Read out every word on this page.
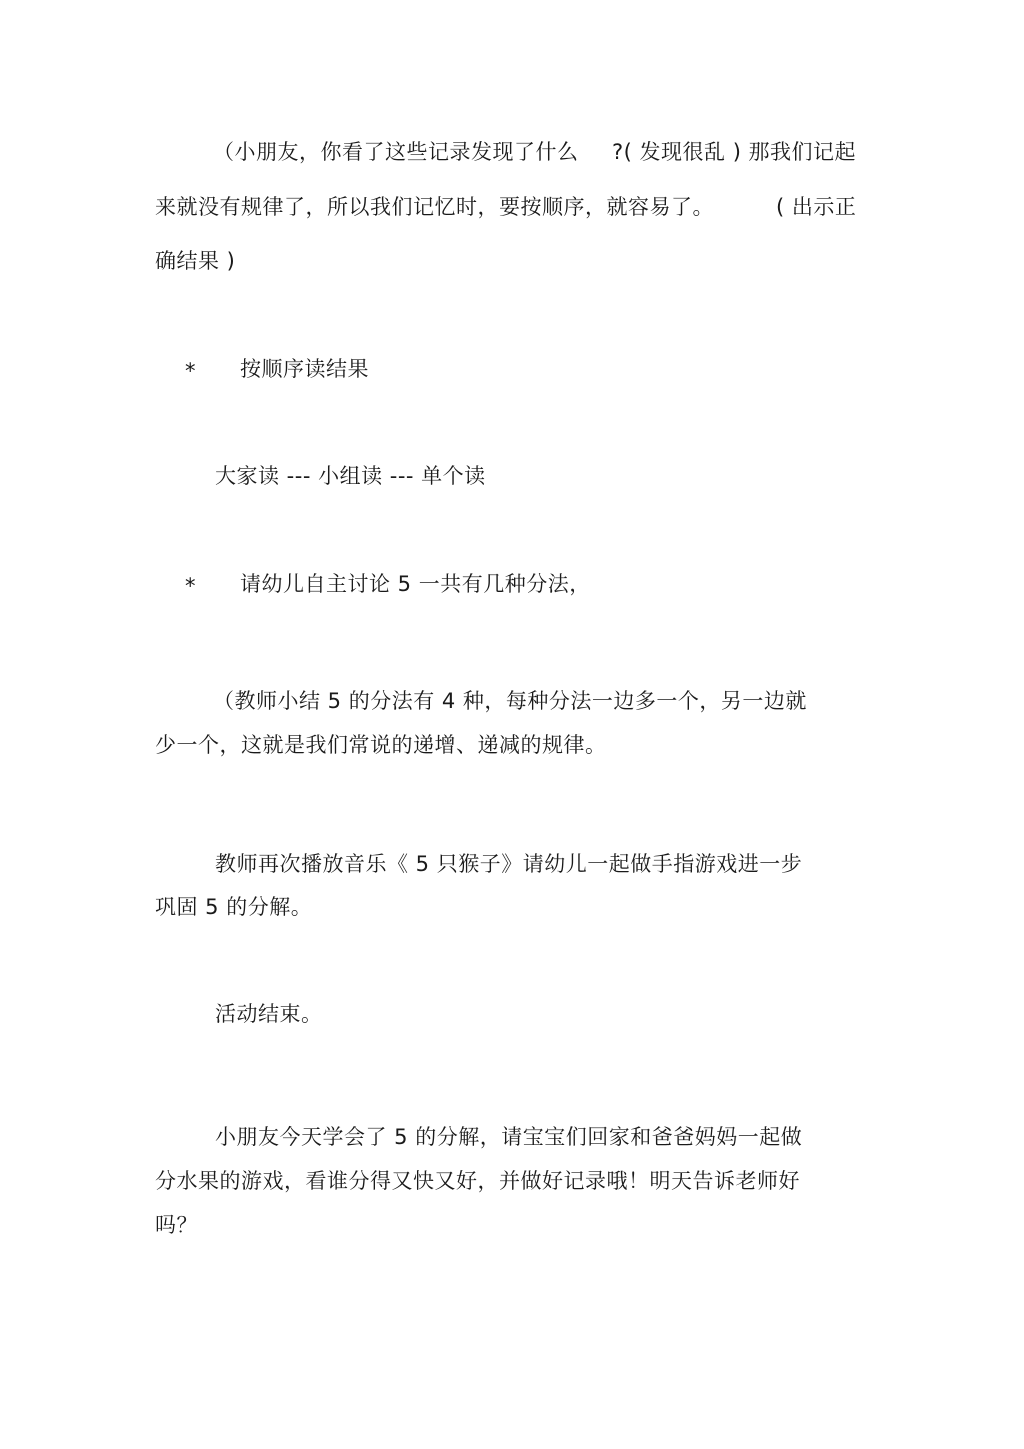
（小朋友，你看了这些记录发现了什么 ?( 发现很乱 ) 那我们记起
来就没有规律了，所以我们记忆时，要按顺序，就容易了。	( 出示正
确结果 )
* 按顺序读结果
大家读 --- 小组读 --- 单个读
* 请幼儿自主讨论 5 一共有几种分法，
（教师小结 5 的分法有 4 种，每种分法一边多一个，另一边就
少一个，这就是我们常说的递增、递减的规律。
教师再次播放音乐《 5 只猴子》请幼儿一起做手指游戏进一步
巩固 5 的分解。
活动结束。
小朋友今天学会了 5 的分解，请宝宝们回家和爸爸妈妈一起做
分水果的游戏，看谁分得又快又好，并做好记录哦！明天告诉老师好
吗？
